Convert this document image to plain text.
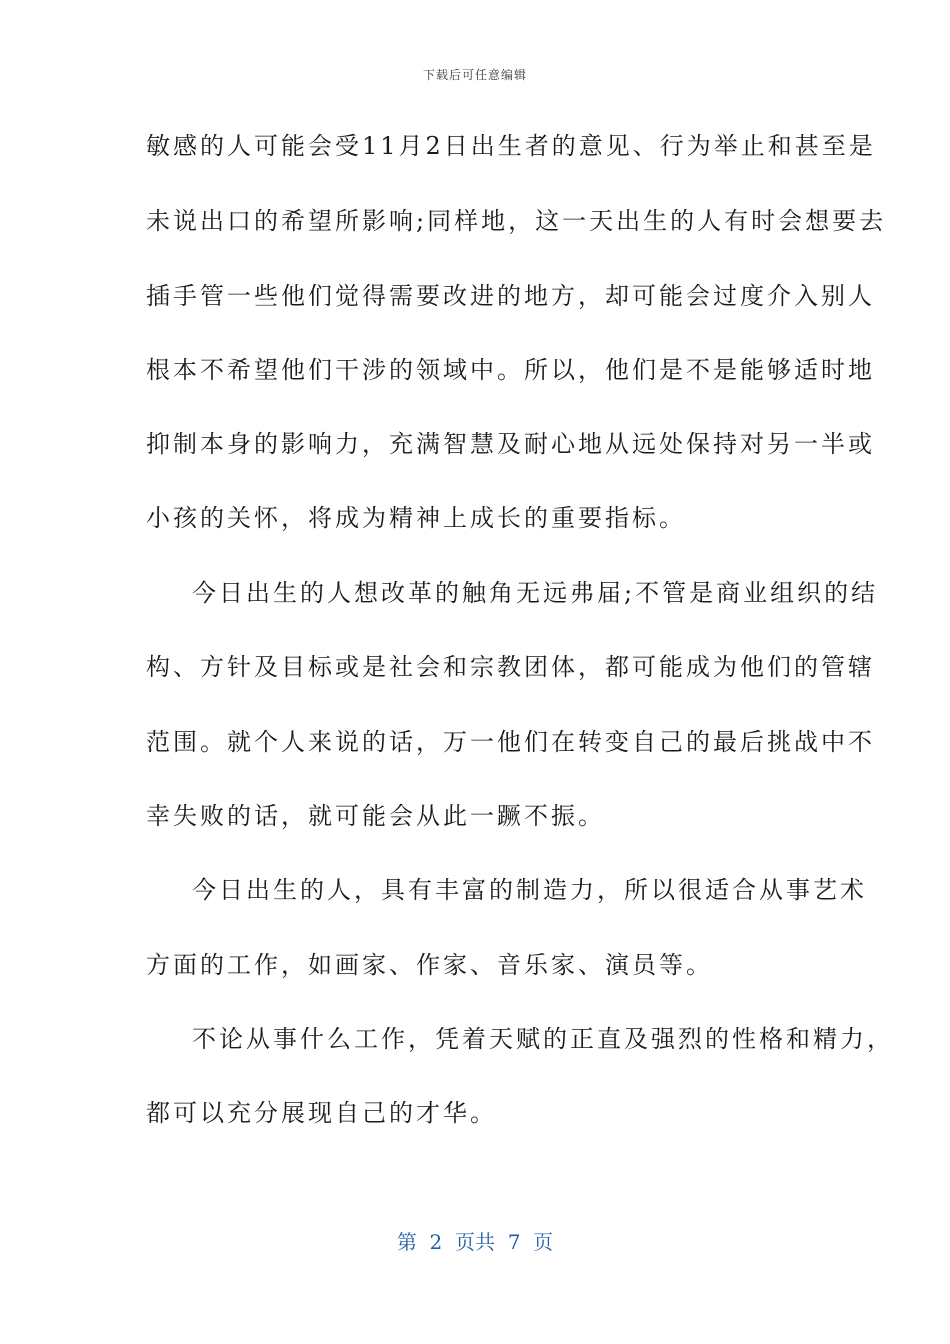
下载后可任意编辑
敏感的人可能会受11月2日出生者的意见、行为举止和甚至是
未说出口的希望所影响;同样地，这一天出生的人有时会想要去
插手管一些他们觉得需要改进的地方，却可能会过度介入别人
根本不希望他们干涉的领域中。所以，他们是不是能够适时地
抑制本身的影响力，充满智慧及耐心地从远处保持对另一半或
小孩的关怀，将成为精神上成长的重要指标。
今日出生的人想改革的触角无远弗届;不管是商业组织的结
构、方针及目标或是社会和宗教团体，都可能成为他们的管辖
范围。就个人来说的话，万一他们在转变自己的最后挑战中不
幸失败的话，就可能会从此一蹶不振。
今日出生的人，具有丰富的制造力，所以很适合从事艺术
方面的工作，如画家、作家、音乐家、演员等。
不论从事什么工作，凭着天赋的正直及强烈的性格和精力，
都可以充分展现自己的才华。
第  2  页共  7  页
